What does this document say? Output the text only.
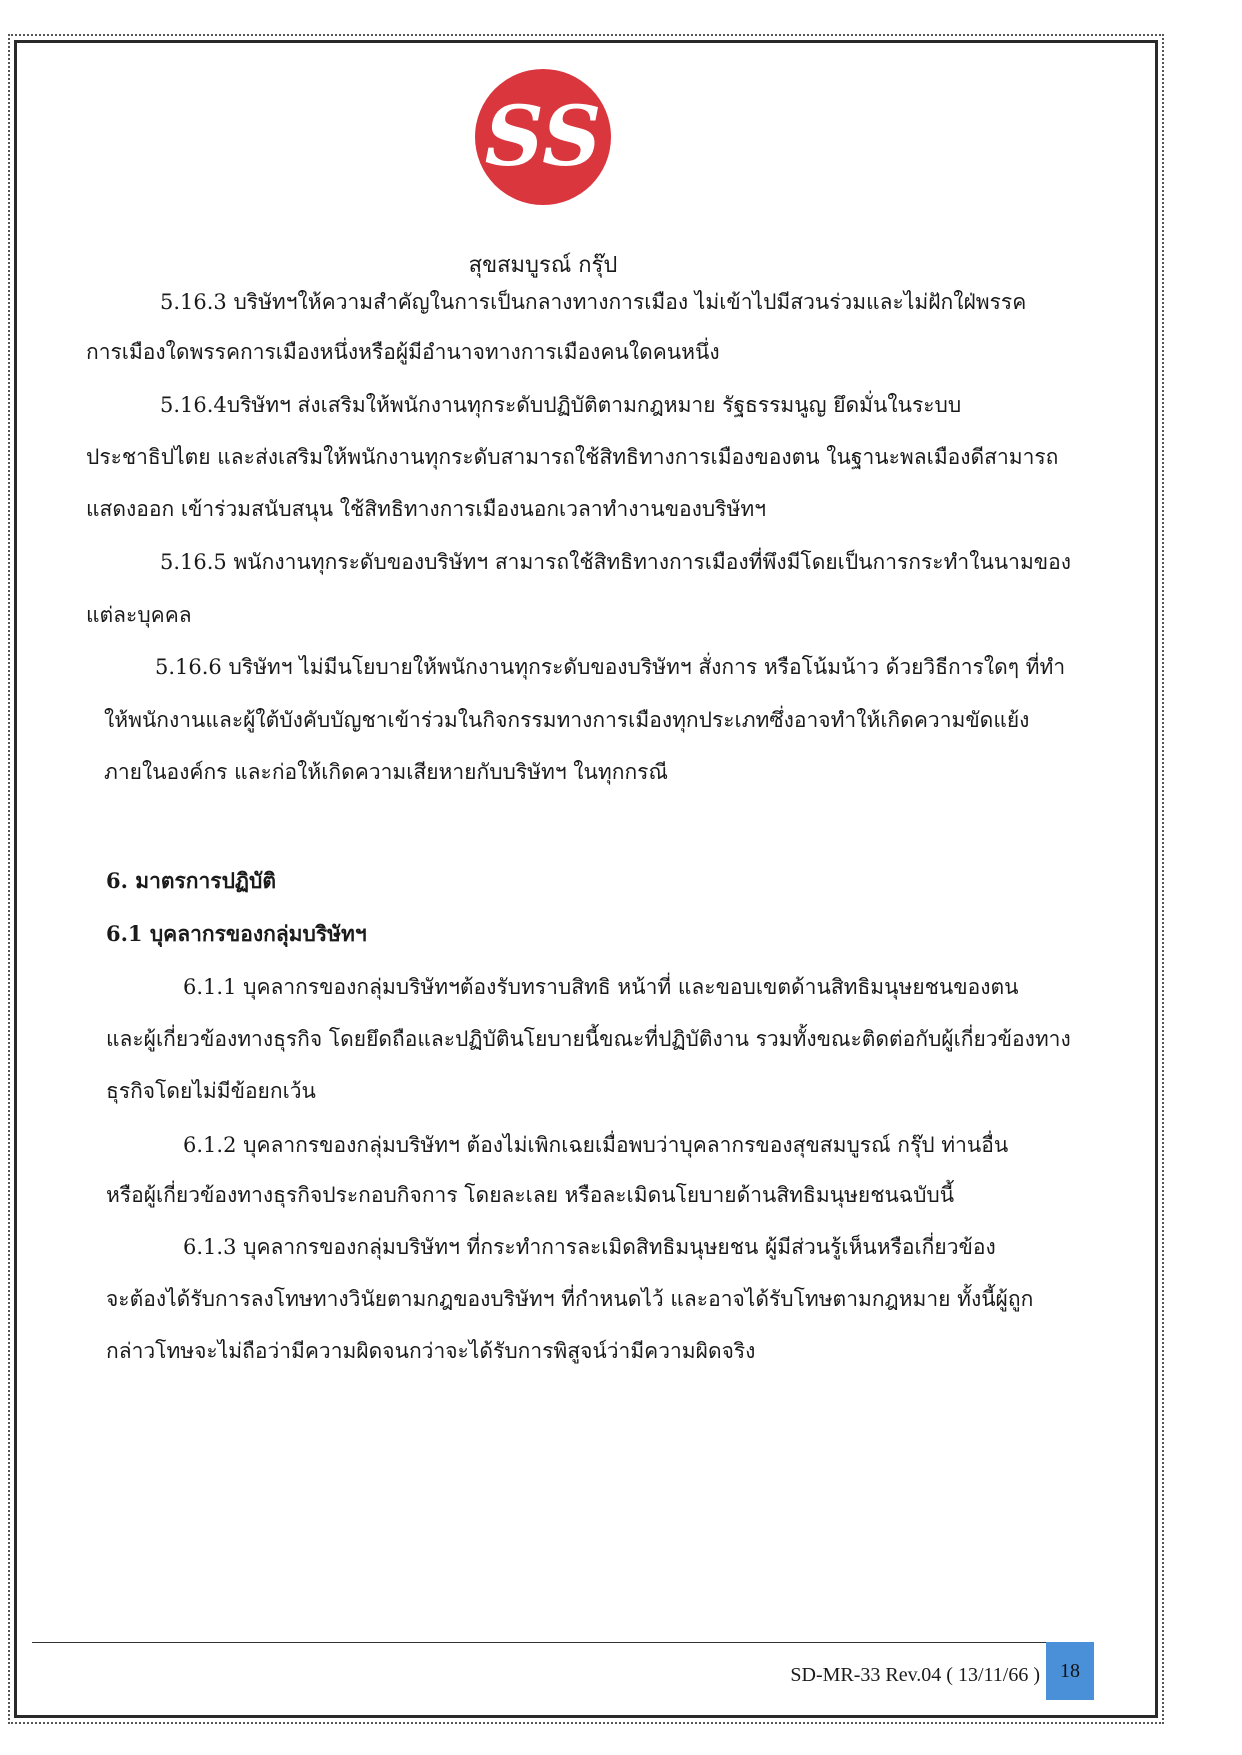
SS
สุขสมบูรณ์ กรุ๊ป

5.16.3 บริษัทฯให้ความสำคัญในการเป็นกลางทางการเมือง ไม่เข้าไปมีสวนร่วมและไม่ฝักใฝ่พรรค

การเมืองใดพรรคการเมืองหนึ่งหรือผู้มีอำนาจทางการเมืองคนใดคนหนึ่ง

5.16.4บริษัทฯ ส่งเสริมให้พนักงานทุกระดับปฏิบัติตามกฎหมาย รัฐธรรมนูญ ยึดมั่นในระบบ

ประชาธิปไตย และส่งเสริมให้พนักงานทุกระดับสามารถใช้สิทธิทางการเมืองของตน ในฐานะพลเมืองดีสามารถ

แสดงออก เข้าร่วมสนับสนุน ใช้สิทธิทางการเมืองนอกเวลาทำงานของบริษัทฯ

5.16.5 พนักงานทุกระดับของบริษัทฯ สามารถใช้สิทธิทางการเมืองที่พึงมีโดยเป็นการกระทำในนามของ

แต่ละบุคคล

5.16.6 บริษัทฯ ไม่มีนโยบายให้พนักงานทุกระดับของบริษัทฯ สั่งการ หรือโน้มน้าว ด้วยวิธีการใดๆ ที่ทำ

ให้พนักงานและผู้ใต้บังคับบัญชาเข้าร่วมในกิจกรรมทางการเมืองทุกประเภทซึ่งอาจทำให้เกิดความขัดแย้ง

ภายในองค์กร และก่อให้เกิดความเสียหายกับบริษัทฯ ในทุกกรณี

6. มาตรการปฏิบัติ

6.1 บุคลากรของกลุ่มบริษัทฯ

6.1.1 บุคลากรของกลุ่มบริษัทฯต้องรับทราบสิทธิ หน้าที่ และขอบเขตด้านสิทธิมนุษยชนของตน

และผู้เกี่ยวข้องทางธุรกิจ โดยยึดถือและปฏิบัตินโยบายนี้ขณะที่ปฏิบัติงาน รวมทั้งขณะติดต่อกับผู้เกี่ยวข้องทาง

ธุรกิจโดยไม่มีข้อยกเว้น

6.1.2 บุคลากรของกลุ่มบริษัทฯ ต้องไม่เพิกเฉยเมื่อพบว่าบุคลากรของสุขสมบูรณ์ กรุ๊ป ท่านอื่น

หรือผู้เกี่ยวข้องทางธุรกิจประกอบกิจการ โดยละเลย หรือละเมิดนโยบายด้านสิทธิมนุษยชนฉบับนี้

6.1.3 บุคลากรของกลุ่มบริษัทฯ ที่กระทำการละเมิดสิทธิมนุษยชน ผู้มีส่วนรู้เห็นหรือเกี่ยวข้อง

จะต้องได้รับการลงโทษทางวินัยตามกฎของบริษัทฯ ที่กำหนดไว้ และอาจได้รับโทษตามกฎหมาย ทั้งนี้ผู้ถูก

กล่าวโทษจะไม่ถือว่ามีความผิดจนกว่าจะได้รับการพิสูจน์ว่ามีความผิดจริง

SD-MR-33 Rev.04 ( 13/11/66 )	18
